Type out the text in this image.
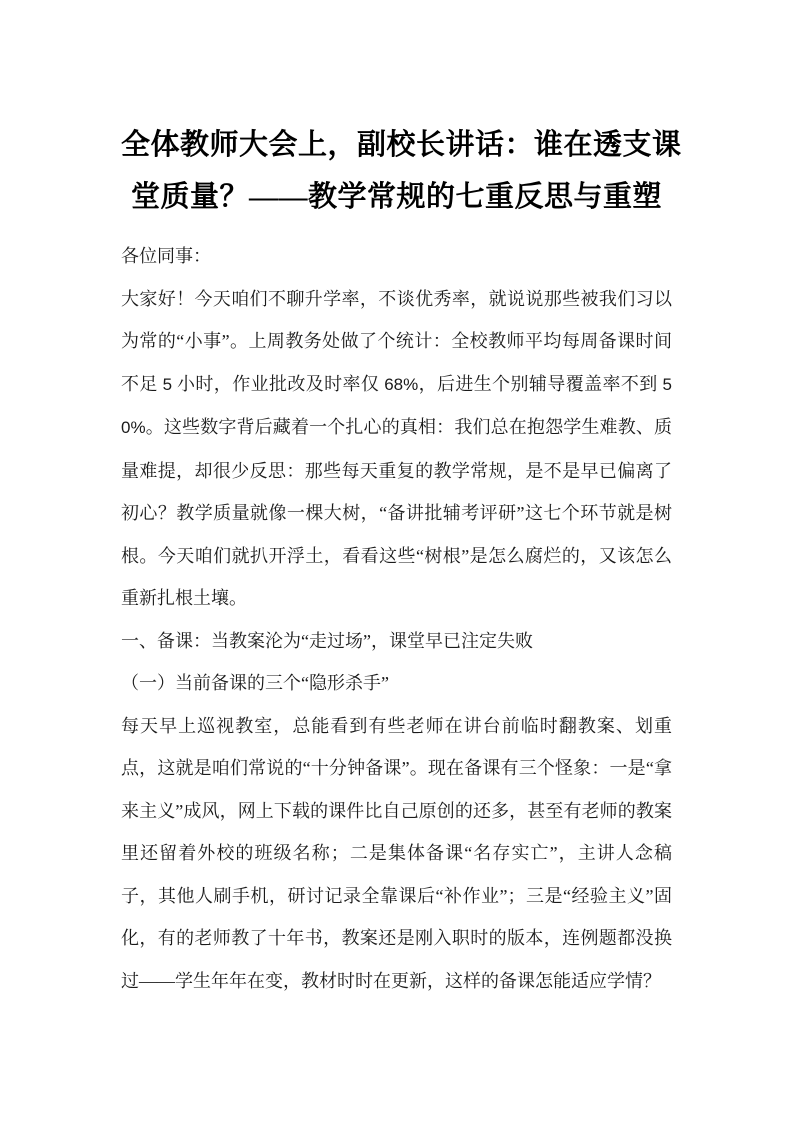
全体教师大会上，副校长讲话：谁在透支课
堂质量？——教学常规的七重反思与重塑

各位同事：

大家好！今天咱们不聊升学率，不谈优秀率，就说说那些被我们习以为常的“小事”。上周教务处做了个统计：全校教师平均每周备课时间不足 5 小时，作业批改及时率仅 68%，后进生个别辅导覆盖率不到 50%。这些数字背后藏着一个扎心的真相：我们总在抱怨学生难教、质量难提，却很少反思：那些每天重复的教学常规，是不是早已偏离了初心？教学质量就像一棵大树，“备讲批辅考评研”这七个环节就是树根。今天咱们就扒开浮土，看看这些“树根”是怎么腐烂的，又该怎么重新扎根土壤。

一、备课：当教案沦为“走过场”，课堂早已注定失败

（一）当前备课的三个“隐形杀手”

每天早上巡视教室，总能看到有些老师在讲台前临时翻教案、划重点，这就是咱们常说的“十分钟备课”。现在备课有三个怪象：一是“拿来主义”成风，网上下载的课件比自己原创的还多，甚至有老师的教案里还留着外校的班级名称；二是集体备课“名存实亡”，主讲人念稿子，其他人刷手机，研讨记录全靠课后“补作业”；三是“经验主义”固化，有的老师教了十年书，教案还是刚入职时的版本，连例题都没换过——学生年年在变，教材时时在更新，这样的备课怎能适应学情？
